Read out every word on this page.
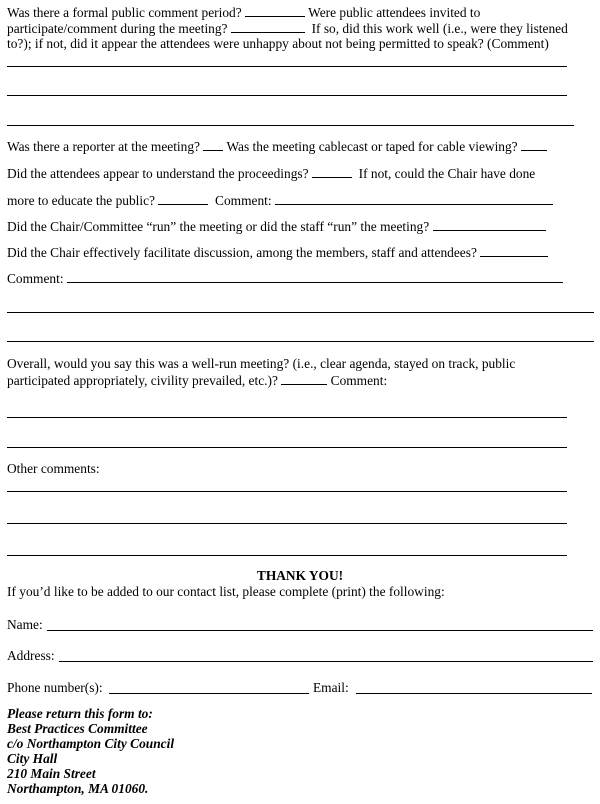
Was there a formal public comment period?	Were public attendees invited to
participate/comment during the meeting?	If so, did this work well (i.e., were they listened
to?); if not, did it appear the attendees were unhappy about not being permitted to speak? (Comment)
Was there a reporter at the meeting? Was the meeting cablecast or taped for cable viewing?
Did the attendees appear to understand the proceedings?	If not, could the Chair have done
more to educate the public?	Comment:
Did the Chair/Committee “run” the meeting or did the staff “run” the meeting?
Did the Chair effectively facilitate discussion, among the members, staff and attendees?
Comment:
Overall, would you say this was a well-run meeting? (i.e., clear agenda, stayed on track, public
participated appropriately, civility prevailed, etc.)?	Comment:
Other comments:
THANK YOU!
If you’d like to be added to our contact list, please complete (print) the following:
Name:
Address:
Phone number(s):	Email:
Please return this form to:
Best Practices Committee
c/o Northampton City Council
City Hall
210 Main Street
Northampton, MA 01060.
